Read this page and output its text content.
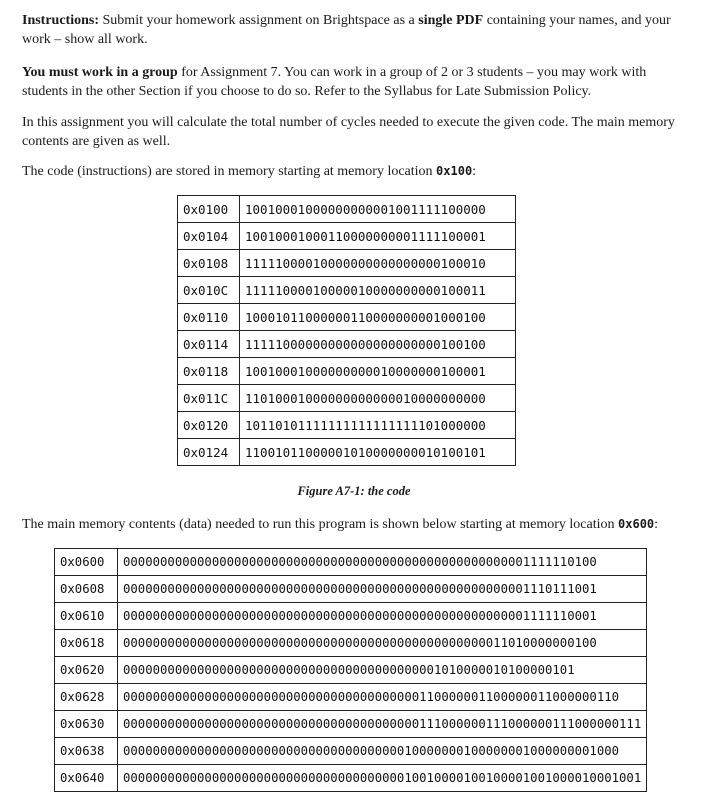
Instructions: Submit your homework assignment on Brightspace as a single PDF containing your names, and your work – show all work.

You must work in a group for Assignment 7. You can work in a group of 2 or 3 students – you may work with students in the other Section if you choose to do so. Refer to the Syllabus for Late Submission Policy.

In this assignment you will calculate the total number of cycles needed to execute the given code. The main memory contents are given as well.

The code (instructions) are stored in memory starting at memory location 0x100:

0x0100	10010001000000000001001111100000
0x0104	10010001000110000000001111100001
0x0108	11111000010000000000000000100010
0x010C	11111000010000010000000000100011
0x0110	10001011000000110000000001000100
0x0114	11111000000000000000000000100100
0x0118	10010001000000000010000000100001
0x011C	11010001000000000000010000000000
0x0120	10110101111111111111111101000000
0x0124	11001011000001010000000010100101
Figure A7-1: the code

The main memory contents (data) needed to run this program is shown below starting at memory location 0x600:

0x0600	0000000000000000000000000000000000000000000000000000001111110100
0x0608	0000000000000000000000000000000000000000000000000000001110111001
0x0610	0000000000000000000000000000000000000000000000000000001111110001
0x0618	0000000000000000000000000000000000000000000000000011010000000100
0x0620	0000000000000000000000000000000000000000001010000010100000101
0x0628	0000000000000000000000000000000000000000110000001100000011000000110
0x0630	0000000000000000000000000000000000000000111000000111000000111000000111
0x0638	0000000000000000000000000000000000000010000000100000001000000001000
0x0640	0000000000000000000000000000000000000010010000100100001001000010001001
